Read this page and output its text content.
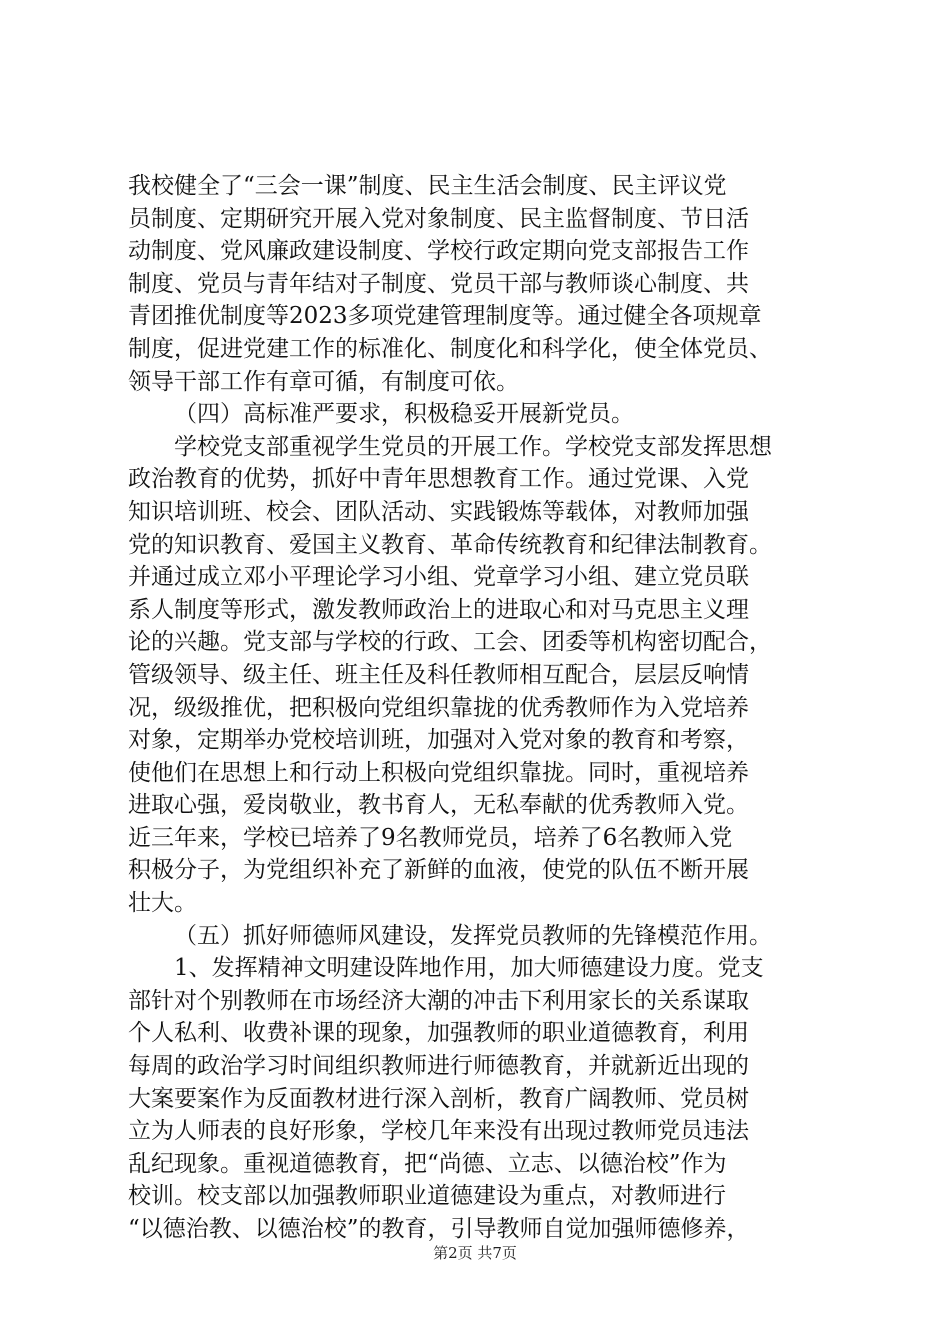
我校健全了“三会一课”制度、民主生活会制度、民主评议党
员制度、定期研究开展入党对象制度、民主监督制度、节日活
动制度、党风廉政建设制度、学校行政定期向党支部报告工作
制度、党员与青年结对子制度、党员干部与教师谈心制度、共
青团推优制度等2023多项党建管理制度等。通过健全各项规章
制度，促进党建工作的标准化、制度化和科学化，使全体党员、
领导干部工作有章可循，有制度可依。
（四）高标准严要求，积极稳妥开展新党员。
学校党支部重视学生党员的开展工作。学校党支部发挥思想
政治教育的优势，抓好中青年思想教育工作。通过党课、入党
知识培训班、校会、团队活动、实践锻炼等载体，对教师加强
党的知识教育、爱国主义教育、革命传统教育和纪律法制教育。
并通过成立邓小平理论学习小组、党章学习小组、建立党员联
系人制度等形式，激发教师政治上的进取心和对马克思主义理
论的兴趣。党支部与学校的行政、工会、团委等机构密切配合，
管级领导、级主任、班主任及科任教师相互配合，层层反响情
况，级级推优，把积极向党组织靠拢的优秀教师作为入党培养
对象，定期举办党校培训班，加强对入党对象的教育和考察，
使他们在思想上和行动上积极向党组织靠拢。同时，重视培养
进取心强，爱岗敬业，教书育人，无私奉献的优秀教师入党。
近三年来，学校已培养了9名教师党员，培养了6名教师入党
积极分子，为党组织补充了新鲜的血液，使党的队伍不断开展
壮大。
（五）抓好师德师风建设，发挥党员教师的先锋模范作用。
1、发挥精神文明建设阵地作用，加大师德建设力度。党支
部针对个别教师在市场经济大潮的冲击下利用家长的关系谋取
个人私利、收费补课的现象，加强教师的职业道德教育，利用
每周的政治学习时间组织教师进行师德教育，并就新近出现的
大案要案作为反面教材进行深入剖析，教育广阔教师、党员树
立为人师表的良好形象，学校几年来没有出现过教师党员违法
乱纪现象。重视道德教育，把“尚德、立志、以德治校”作为
校训。校支部以加强教师职业道德建设为重点，对教师进行
“以德治教、以德治校”的教育，引导教师自觉加强师德修养，
第2页 共7页
